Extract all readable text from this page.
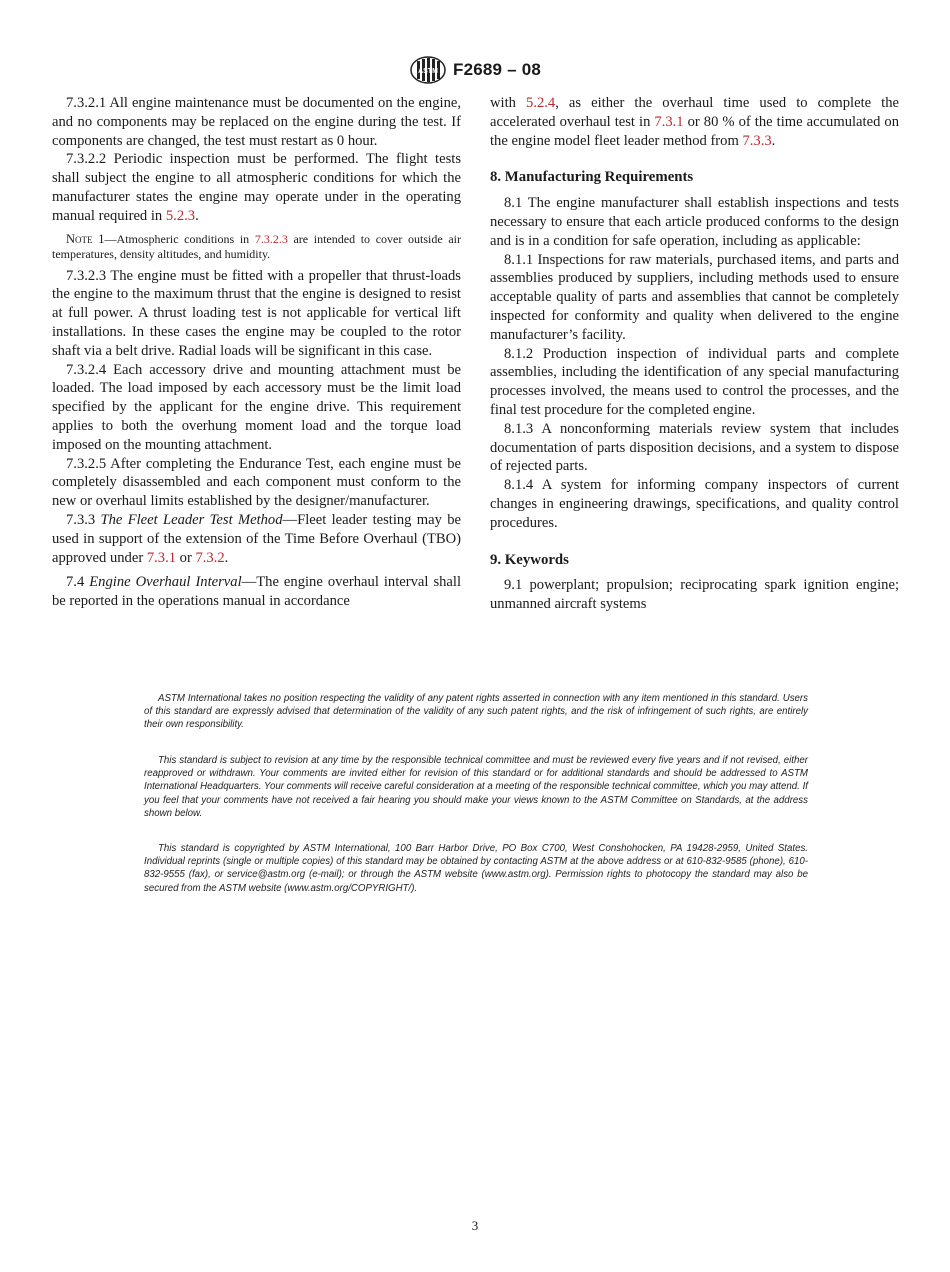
ASTM F2689 – 08

7.3.2.1 All engine maintenance must be documented on the engine, and no components may be replaced on the engine during the test. If components are changed, the test must restart as 0 hour.

7.3.2.2 Periodic inspection must be performed. The flight tests shall subject the engine to all atmospheric conditions for which the manufacturer states the engine may operate under in the operating manual required in 5.2.3.

Note 1—Atmospheric conditions in 7.3.2.3 are intended to cover outside air temperatures, density altitudes, and humidity.

7.3.2.3 The engine must be fitted with a propeller that thrust-loads the engine to the maximum thrust that the engine is designed to resist at full power. A thrust loading test is not applicable for vertical lift installations. In these cases the engine may be coupled to the rotor shaft via a belt drive. Radial loads will be significant in this case.

7.3.2.4 Each accessory drive and mounting attachment must be loaded. The load imposed by each accessory must be the limit load specified by the applicant for the engine drive. This requirement applies to both the overhung moment load and the torque load imposed on the mounting attachment.

7.3.2.5 After completing the Endurance Test, each engine must be completely disassembled and each component must conform to the new or overhaul limits established by the designer/manufacturer.

7.3.3 The Fleet Leader Test Method—Fleet leader testing may be used in support of the extension of the Time Before Overhaul (TBO) approved under 7.3.1 or 7.3.2.

7.4 Engine Overhaul Interval—The engine overhaul interval shall be reported in the operations manual in accordance

with 5.2.4, as either the overhaul time used to complete the accelerated overhaul test in 7.3.1 or 80 % of the time accumulated on the engine model fleet leader method from 7.3.3.

8. Manufacturing Requirements

8.1 The engine manufacturer shall establish inspections and tests necessary to ensure that each article produced conforms to the design and is in a condition for safe operation, including as applicable:

8.1.1 Inspections for raw materials, purchased items, and parts and assemblies produced by suppliers, including methods used to ensure acceptable quality of parts and assemblies that cannot be completely inspected for conformity and quality when delivered to the engine manufacturer’s facility.

8.1.2 Production inspection of individual parts and complete assemblies, including the identification of any special manufacturing processes involved, the means used to control the processes, and the final test procedure for the completed engine.

8.1.3 A nonconforming materials review system that includes documentation of parts disposition decisions, and a system to dispose of rejected parts.

8.1.4 A system for informing company inspectors of current changes in engineering drawings, specifications, and quality control procedures.

9. Keywords

9.1 powerplant; propulsion; reciprocating spark ignition engine; unmanned aircraft systems

ASTM International takes no position respecting the validity of any patent rights asserted in connection with any item mentioned in this standard. Users of this standard are expressly advised that determination of the validity of any such patent rights, and the risk of infringement of such rights, are entirely their own responsibility.

This standard is subject to revision at any time by the responsible technical committee and must be reviewed every five years and if not revised, either reapproved or withdrawn. Your comments are invited either for revision of this standard or for additional standards and should be addressed to ASTM International Headquarters. Your comments will receive careful consideration at a meeting of the responsible technical committee, which you may attend. If you feel that your comments have not received a fair hearing you should make your views known to the ASTM Committee on Standards, at the address shown below.

This standard is copyrighted by ASTM International, 100 Barr Harbor Drive, PO Box C700, West Conshohocken, PA 19428-2959, United States. Individual reprints (single or multiple copies) of this standard may be obtained by contacting ASTM at the above address or at 610-832-9585 (phone), 610-832-9555 (fax), or service@astm.org (e-mail); or through the ASTM website (www.astm.org). Permission rights to photocopy the standard may also be secured from the ASTM website (www.astm.org/COPYRIGHT/).

3
